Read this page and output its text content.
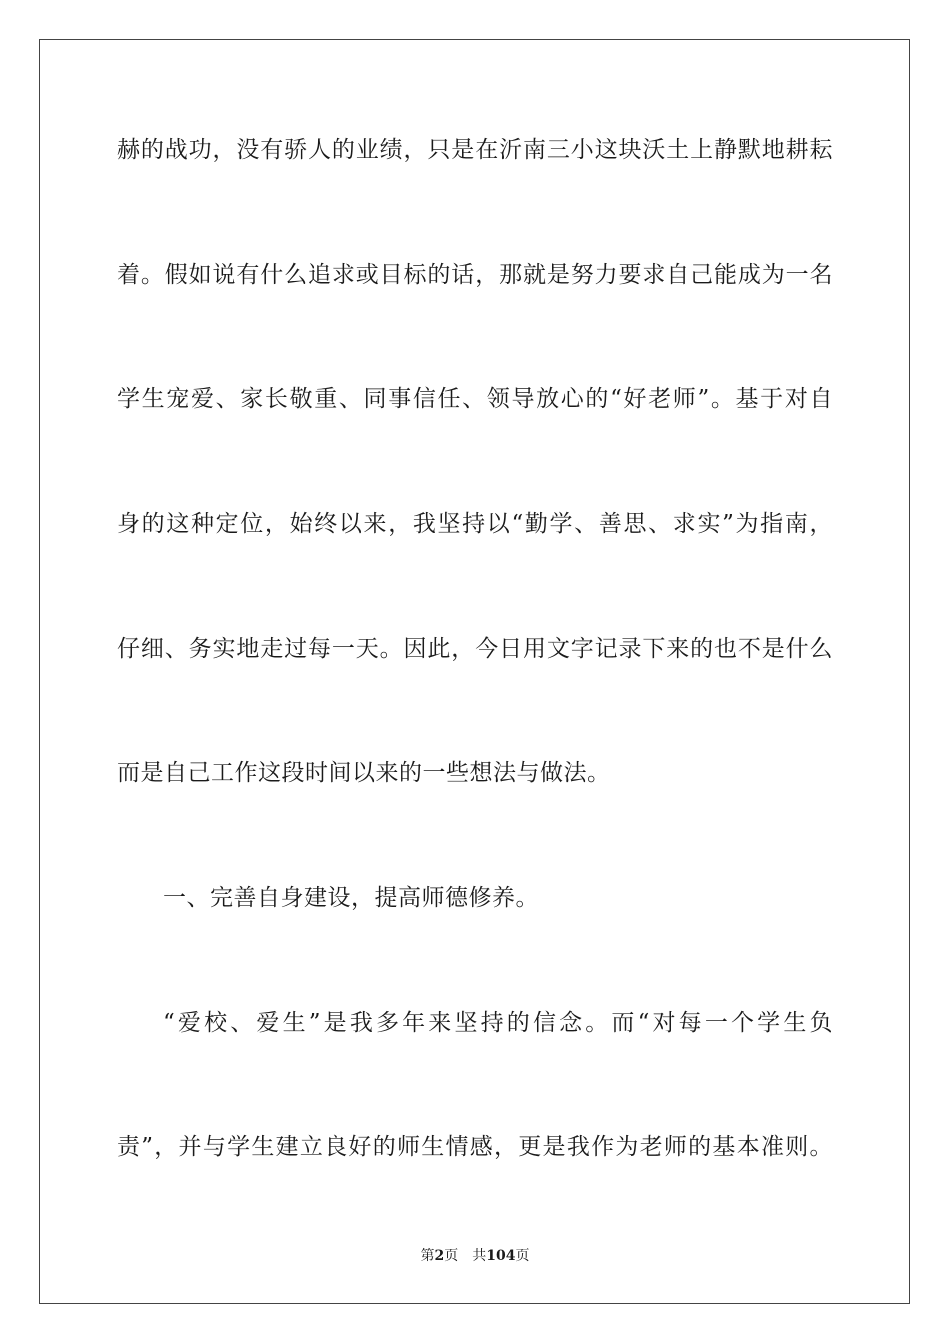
赫的战功，没有骄人的业绩，只是在沂南三小这块沃土上静默地耕耘
着。假如说有什么追求或目标的话，那就是努力要求自己能成为一名
学生宠爱、家长敬重、同事信任、领导放心的“好老师”。基于对自
身的这种定位，始终以来，我坚持以“勤学、善思、求实”为指南，
仔细、务实地走过每一天。因此，今日用文字记录下来的也不是什么
而是自己工作这段时间以来的一些想法与做法。
一、完善自身建设，提高师德修养。
“爱校、爱生”是我多年来坚持的信念。而“对每一个学生负
责”，并与学生建立良好的师生情感，更是我作为老师的基本准则。
第2页 共104页
